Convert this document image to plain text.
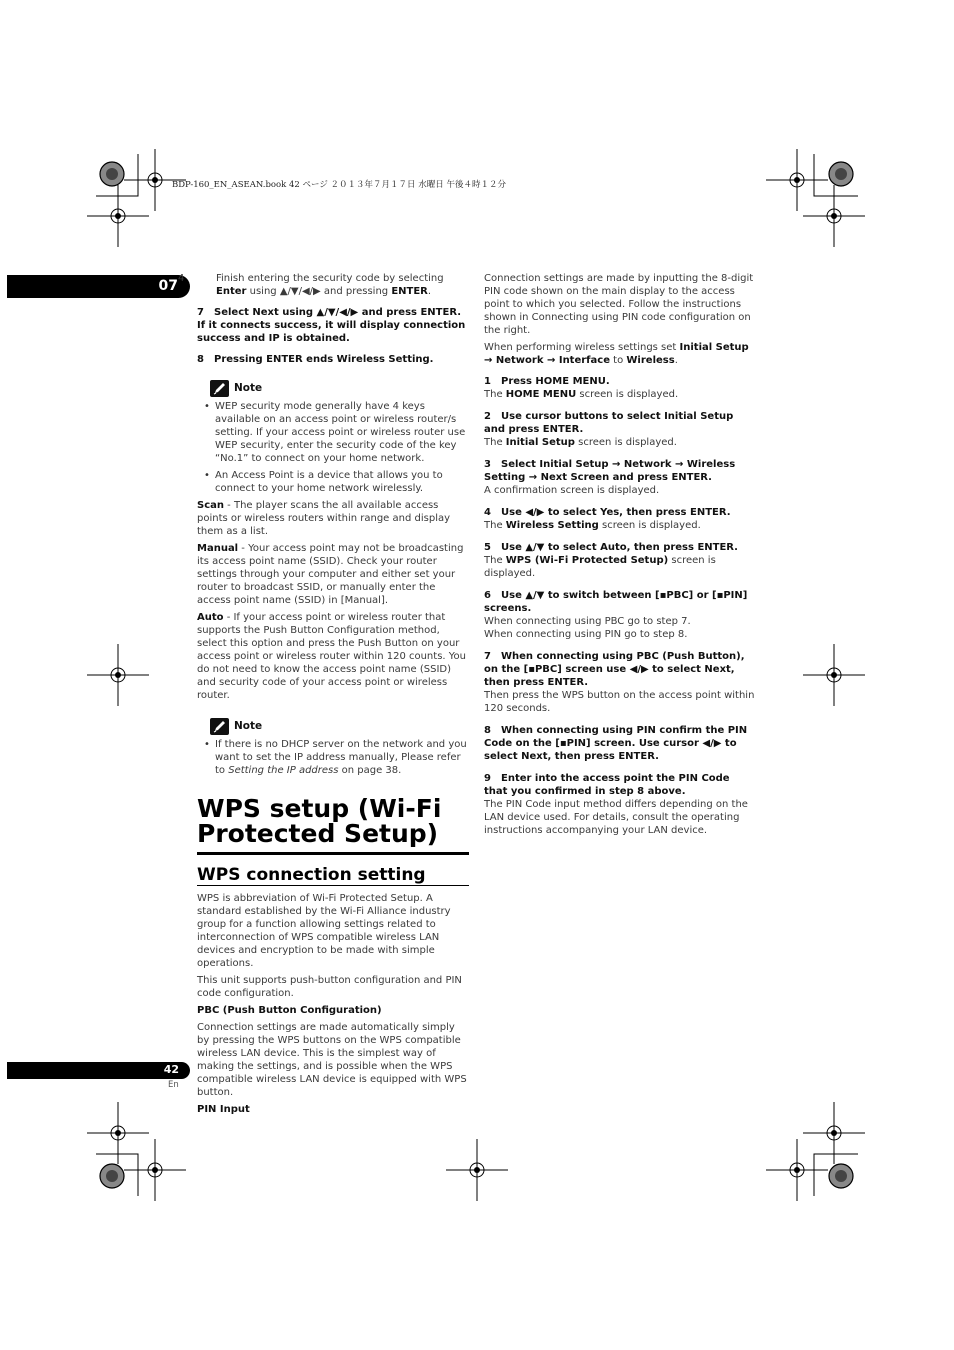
BDP-160_EN_ASEAN.book 42 ページ ２０１３年７月１７日 水曜日 午後４時１２分
07
42
En

4	Finish entering the security code by selecting Enter using ▲/▼/◀/▶ and pressing ENTER.

7 Select Next using ▲/▼/◀/▶ and press ENTER. If it connects success, it will display connection success and IP is obtained.

8 Pressing ENTER ends Wireless Setting.

Note
• WEP security mode generally have 4 keys available on an access point or wireless router/s setting. If your access point or wireless router use WEP security, enter the security code of the key “No.1” to connect on your home network.
• An Access Point is a device that allows you to connect to your home network wirelessly.

Scan - The player scans the all available access points or wireless routers within range and display them as a list.

Manual - Your access point may not be broadcasting its access point name (SSID). Check your router settings through your computer and either set your router to broadcast SSID, or manually enter the access point name (SSID) in [Manual].

Auto - If your access point or wireless router that supports the Push Button Configuration method, select this option and press the Push Button on your access point or wireless router within 120 counts. You do not need to know the access point name (SSID) and security code of your access point or wireless router.

Note
• If there is no DHCP server on the network and you want to set the IP address manually, Please refer to Setting the IP address on page 38.
WPS setup (Wi-Fi
Protected Setup)
WPS connection setting

WPS is abbreviation of Wi-Fi Protected Setup. A standard established by the Wi-Fi Alliance industry group for a function allowing settings related to interconnection of WPS compatible wireless LAN devices and encryption to be made with simple operations.

This unit supports push-button configuration and PIN code configuration.

PBC (Push Button Configuration)

Connection settings are made automatically simply by pressing the WPS buttons on the WPS compatible wireless LAN device. This is the simplest way of making the settings, and is possible when the WPS compatible wireless LAN device is equipped with WPS button.

PIN Input

Connection settings are made by inputting the 8-digit PIN code shown on the main display to the access point to which you selected. Follow the instructions shown in Connecting using PIN code configuration on the right.

When performing wireless settings set Initial Setup → Network → Interface to Wireless.

1 Press HOME MENU.

The HOME MENU screen is displayed.

2 Use cursor buttons to select Initial Setup and press ENTER.

The Initial Setup screen is displayed.

3 Select Initial Setup → Network → Wireless Setting → Next Screen and press ENTER.

A confirmation screen is displayed.

4 Use ◀/▶ to select Yes, then press ENTER.

The Wireless Setting screen is displayed.

5 Use ▲/▼ to select Auto, then press ENTER.

The WPS (Wi-Fi Protected Setup) screen is displayed.

6 Use ▲/▼ to switch between [▪PBC] or [▪PIN] screens.

When connecting using PBC go to step 7.
When connecting using PIN go to step 8.

7 When connecting using PBC (Push Button), on the [▪PBC] screen use ◀/▶ to select Next, then press ENTER.

Then press the WPS button on the access point within 120 seconds.

8 When connecting using PIN confirm the PIN Code on the [▪PIN] screen. Use cursor ◀/▶ to select Next, then press ENTER.

9 Enter into the access point the PIN Code that you confirmed in step 8 above.

The PIN Code input method differs depending on the LAN device used. For details, consult the operating instructions accompanying your LAN device.
